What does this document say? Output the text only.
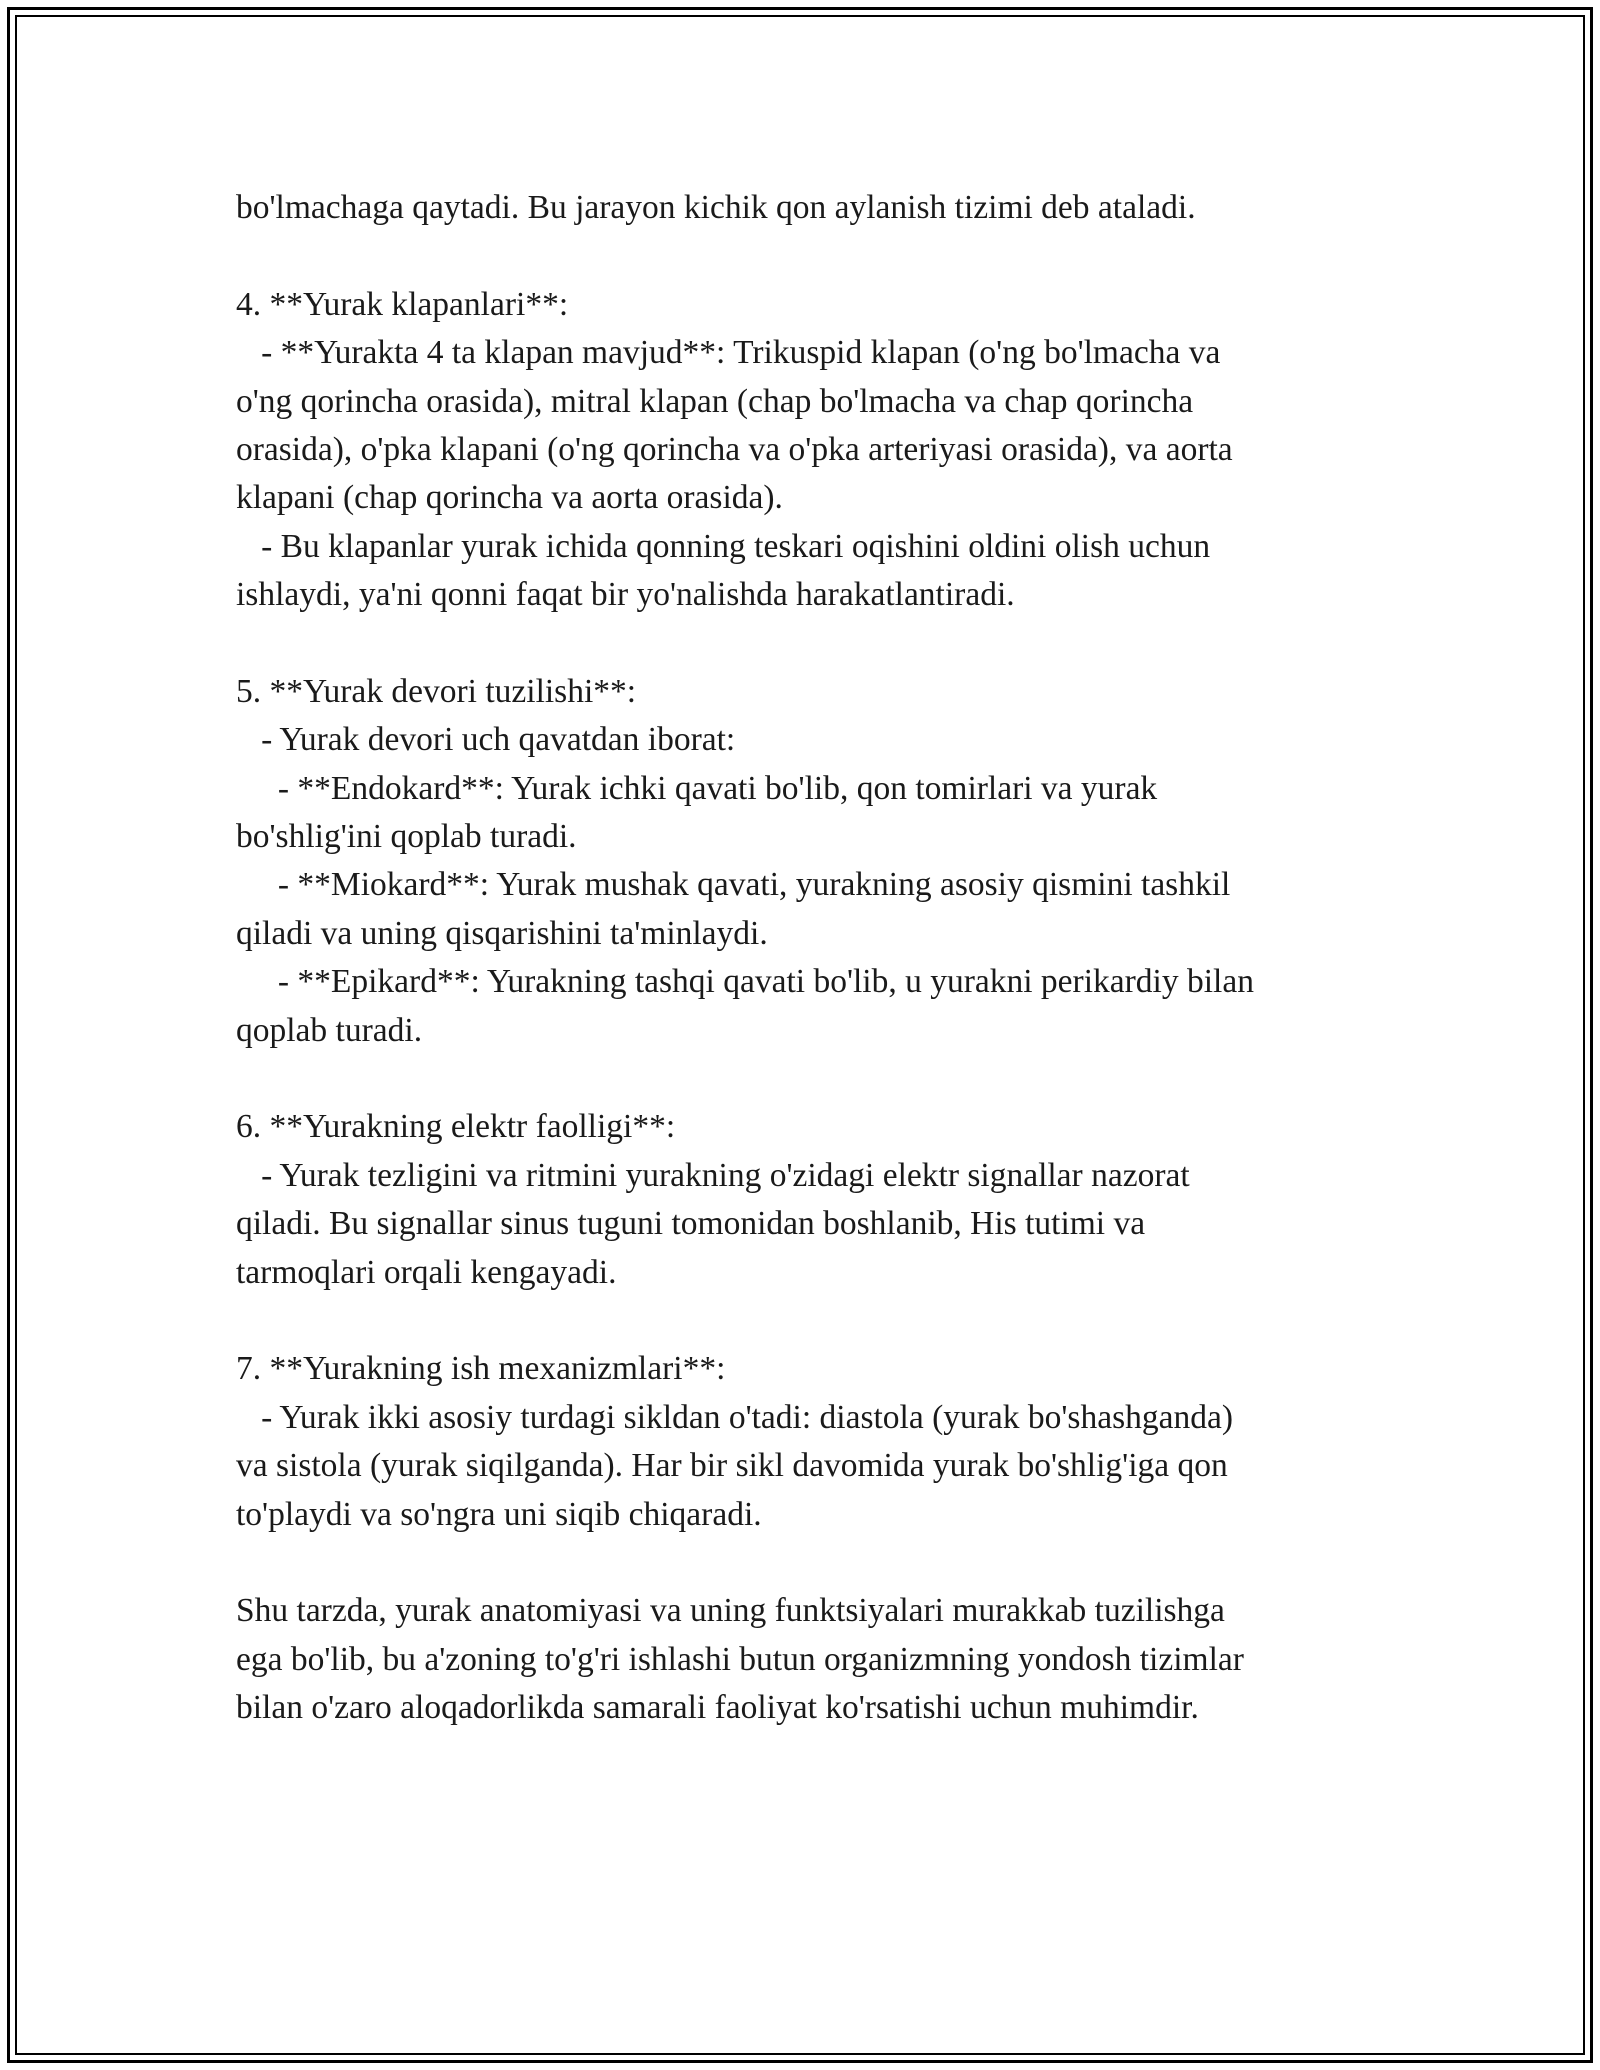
bo'lmachaga qaytadi. Bu jarayon kichik qon aylanish tizimi deb ataladi.
4. **Yurak klapanlari**:
- **Yurakta 4 ta klapan mavjud**: Trikuspid klapan (o'ng bo'lmacha va
o'ng qorincha orasida), mitral klapan (chap bo'lmacha va chap qorincha
orasida), o'pka klapani (o'ng qorincha va o'pka arteriyasi orasida), va aorta
klapani (chap qorincha va aorta orasida).
- Bu klapanlar yurak ichida qonning teskari oqishini oldini olish uchun
ishlaydi, ya'ni qonni faqat bir yo'nalishda harakatlantiradi.
5. **Yurak devori tuzilishi**:
- Yurak devori uch qavatdan iborat:
- **Endokard**: Yurak ichki qavati bo'lib, qon tomirlari va yurak
bo'shlig'ini qoplab turadi.
- **Miokard**: Yurak mushak qavati, yurakning asosiy qismini tashkil
qiladi va uning qisqarishini ta'minlaydi.
- **Epikard**: Yurakning tashqi qavati bo'lib, u yurakni perikardiy bilan
qoplab turadi.
6. **Yurakning elektr faolligi**:
- Yurak tezligini va ritmini yurakning o'zidagi elektr signallar nazorat
qiladi. Bu signallar sinus tuguni tomonidan boshlanib, His tutimi va
tarmoqlari orqali kengayadi.
7. **Yurakning ish mexanizmlari**:
- Yurak ikki asosiy turdagi sikldan o'tadi: diastola (yurak bo'shashganda)
va sistola (yurak siqilganda). Har bir sikl davomida yurak bo'shlig'iga qon
to'playdi va so'ngra uni siqib chiqaradi.
Shu tarzda, yurak anatomiyasi va uning funktsiyalari murakkab tuzilishga
ega bo'lib, bu a'zoning to'g'ri ishlashi butun organizmning yondosh tizimlar
bilan o'zaro aloqadorlikda samarali faoliyat ko'rsatishi uchun muhimdir.
